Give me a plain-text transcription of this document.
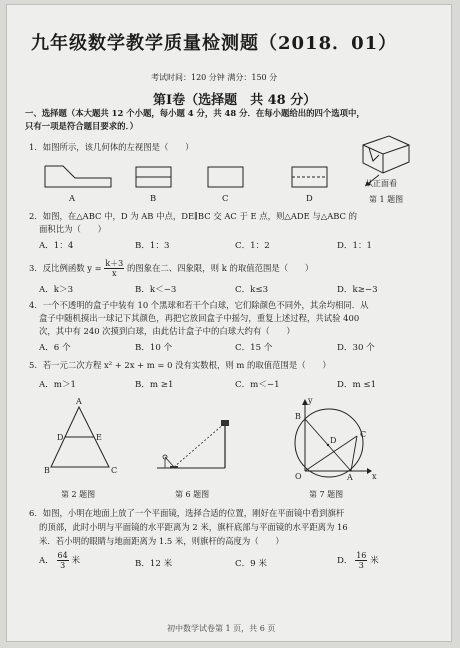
九年级数学教学质量检测题（2018．01）
考试时间：120 分钟 满分：150 分
第Ⅰ卷（选择题　共 48 分）
一、选择题（本大题共 12 个小题，每小题 4 分，共 48 分．在每小题给出的四个选项中，
只有一项是符合题目要求的．）
1．如图所示，该几何体的左视图是（　　）
A	B	C	D
从正面看
第 1 题图
2．如图，在△ABC 中，D 为 AB 中点，DE∥BC 交 AC 于 E 点，则△ADE 与△ABC 的
面积比为（　　）
A．1：4	B．1：3	C．1：2	D．1：1
3．反比例函数 $y = \frac{k+3}{x}$ 的图象在二、四象限，则 k 的取值范围是（　　）
A．k＞3	B．k＜−3	C．k≤3	D．k≥−3
4．一个不透明的盒子中装有 10 个黑球和若干个白球，它们除颜色不同外，其余均相同．从
盒子中随机摸出一球记下其颜色，再把它放回盒子中摇匀，重复上述过程，共试验 400
次，其中有 240 次摸到白球，由此估计盒子中的白球大约有（　　）
A．6 个	B．10 个	C．15 个	D．30 个
5．若一元二次方程 x² + 2x + m = 0 没有实数根，则 m 的取值范围是（　　）
A．m＞1	B．m ≥1	C．m＜−1	D．m ≤1
A
D	E
B	C
y
B
D
C
O	A x
第 2 题图	第 6 题图	第 7 题图
6．如图，小明在地面上放了一个平面镜，选择合适的位置，刚好在平面镜中看到旗杆
的顶部，此时小明与平面镜的水平距离为 2 米，旗杆底部与平面镜的水平距离为 16
米．若小明的眼睛与地面距离为 1.5 米，则旗杆的高度为（　　）
A． $\frac{64}{3}$ 米	B．12 米	C．9 米	D． $\frac{16}{3}$ 米
初中数学试卷第 1 页，共 6 页
